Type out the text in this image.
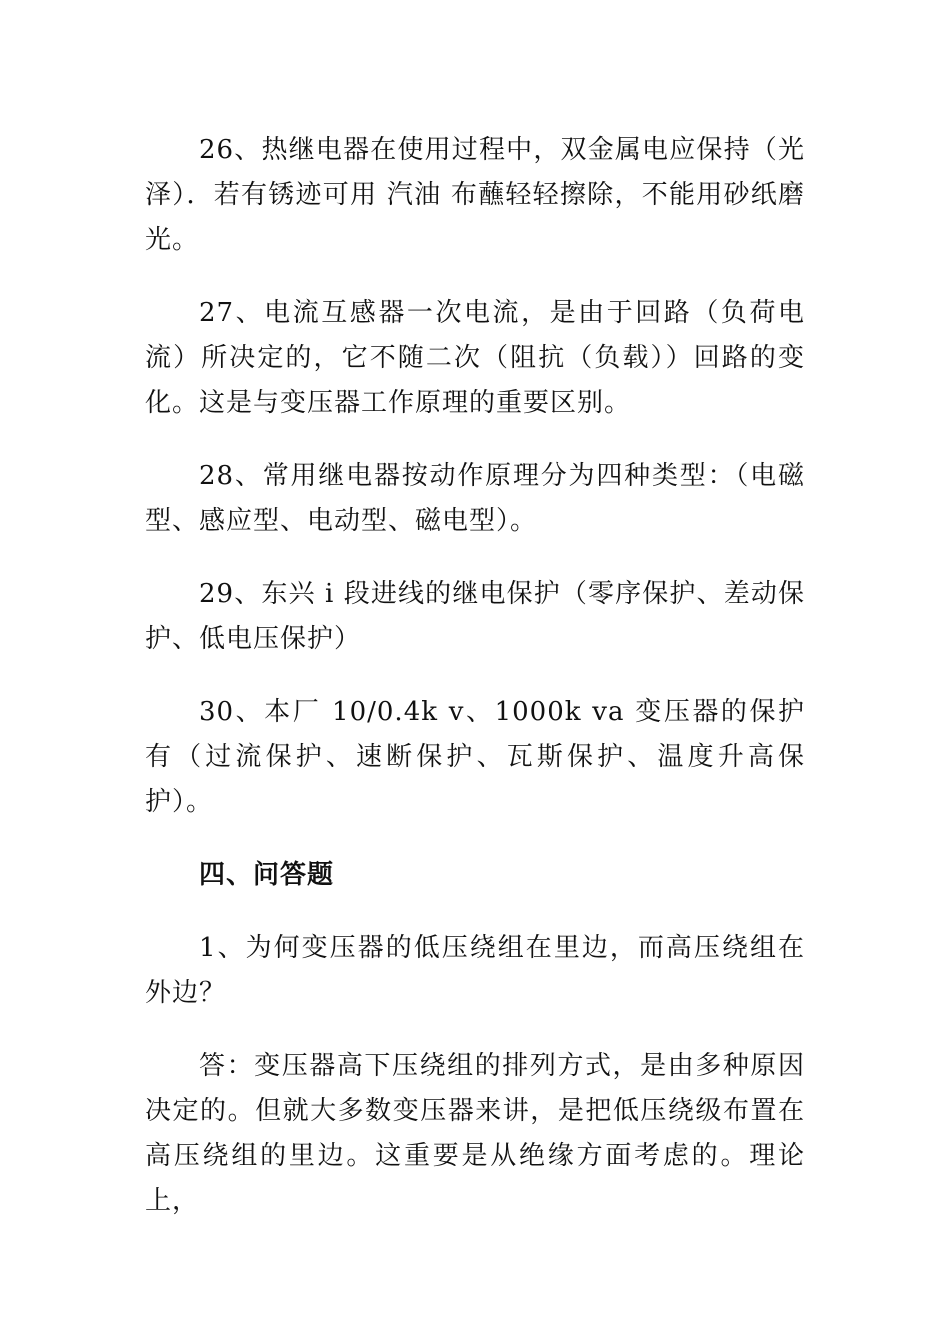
26、热继电器在使用过程中，双金属电应保持（光泽）．若有锈迹可用 汽油 布蘸轻轻擦除，不能用砂纸磨光。

27、电流互感器一次电流，是由于回路（负荷电流）所决定的，它不随二次（阻抗（负载））回路的变化。这是与变压器工作原理的重要区别。

28、常用继电器按动作原理分为四种类型：（电磁型、感应型、电动型、磁电型）。

29、东兴 i 段进线的继电保护（零序保护、差动保护、低电压保护）

30、本厂 10/0.4k v、1000k va 变压器的保护有（过流保护、速断保护、瓦斯保护、温度升高保护）。

四、问答题

1、为何变压器的低压绕组在里边，而高压绕组在外边？

答：变压器高下压绕组的排列方式，是由多种原因决定的。但就大多数变压器来讲，是把低压绕级布置在高压绕组的里边。这重要是从绝缘方面考虑的。理论上，
